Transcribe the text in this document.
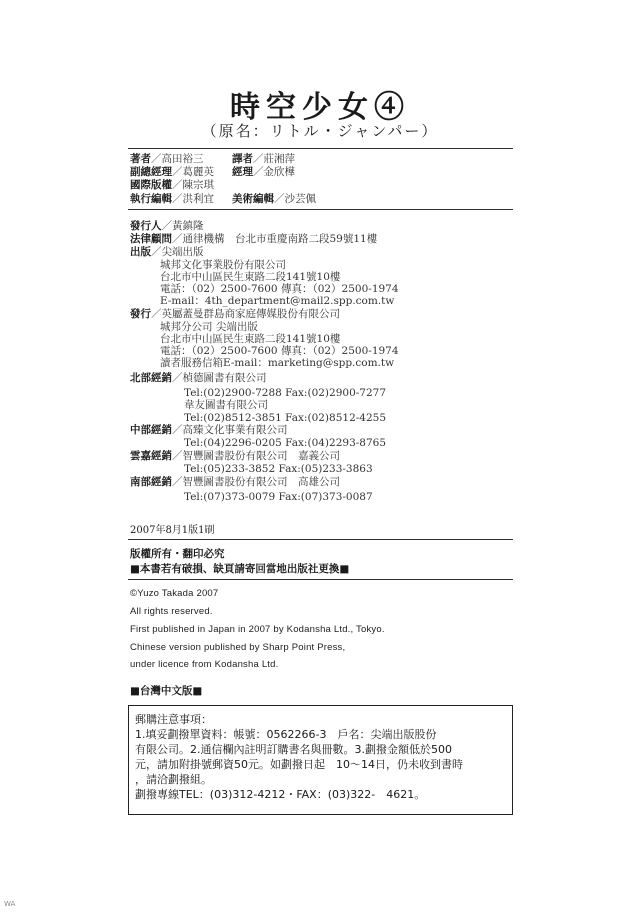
時空少女④
（原名：リトル・ジャンパー）
著者／高田裕三	譯者／莊湘萍
副總經理／葛麗英 經理／金欣樺
國際版權／陳宗琪
執行編輯／洪利宜 美術編輯／沙芸佩
發行人／黃鎮隆
法律顧問／通律機構　台北市重慶南路二段59號11樓
出版／尖端出版
城邦文化事業股份有限公司
台北市中山區民生東路二段141號10樓
電話：（02）2500-7600 傳真：（02）2500-1974
E-mail：4th_department@mail2.spp.com.tw
發行／英屬蓋曼群島商家庭傳媒股份有限公司
城邦分公司 尖端出版
台北市中山區民生東路二段141號10樓
電話：（02）2500-7600 傳真：（02）2500-1974
讀者服務信箱E-mail：marketing@spp.com.tw
北部經銷／楨德圖書有限公司
Tel:(02)2900-7288 Fax:(02)2900-7277
韋友圖書有限公司
Tel:(02)8512-3851 Fax:(02)8512-4255
中部經銷／高臻文化事業有限公司
Tel:(04)2296-0205 Fax:(04)2293-8765
雲嘉經銷／智豐圖書股份有限公司　嘉義公司
Tel:(05)233-3852 Fax:(05)233-3863
南部經銷／智豐圖書股份有限公司　高雄公司
Tel:(07)373-0079 Fax:(07)373-0087
2007年8月1版1刷
版權所有・翻印必究
■本書若有破損、缺頁請寄回當地出版社更換■
©Yuzo Takada 2007
All rights reserved.
First published in Japan in 2007 by Kodansha Ltd., Tokyo.
Chinese version published by Sharp Point Press,
under licence from Kodansha Ltd.
■台灣中文版■
郵購注意事項：
1.填妥劃撥單資料：帳號：0562266-3　戶名：尖端出版股份
有限公司。2.通信欄內註明訂購書名與冊數。3.劃撥金額低於500
元，請加附掛號郵資50元。如劃撥日起　10～14日，仍未收到書時
，請洽劃撥組。
劃撥專線TEL：(03)312-4212・FAX：(03)322-　4621。
WA
